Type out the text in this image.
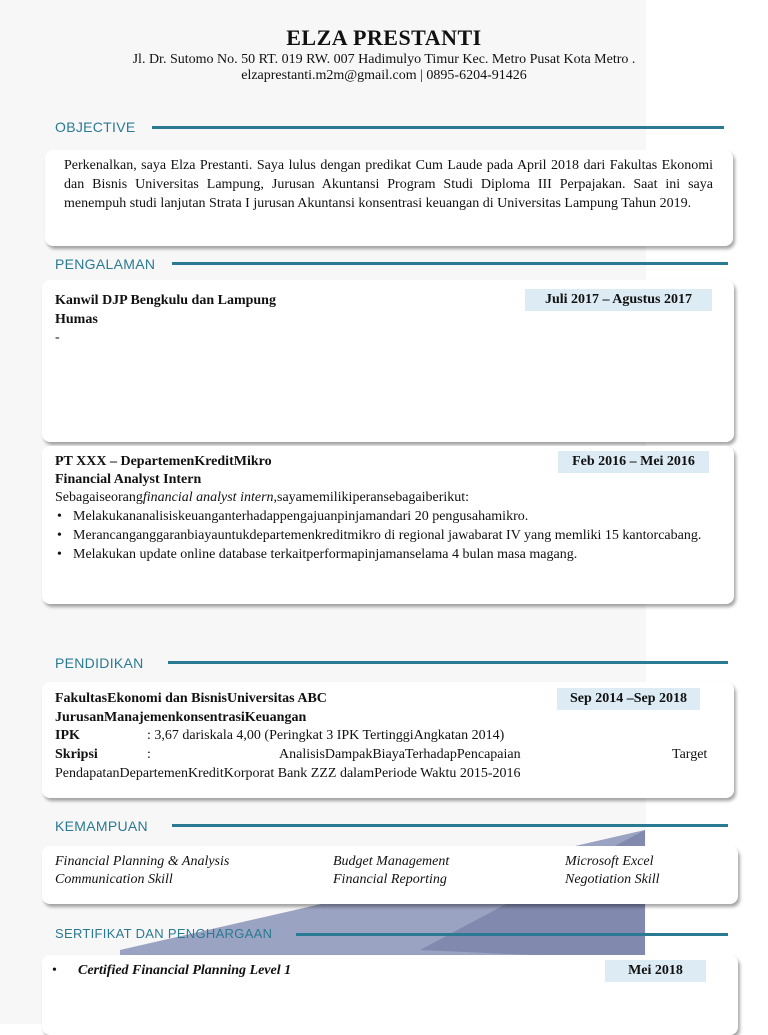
ELZA PRESTANTI
Jl. Dr. Sutomo No. 50 RT. 019 RW. 007 Hadimulyo Timur Kec. Metro Pusat Kota Metro .
elzaprestanti.m2m@gmail.com | 0895-6204-91426
OBJECTIVE
Perkenalkan, saya Elza Prestanti. Saya lulus dengan predikat Cum Laude pada April 2018 dari Fakultas Ekonomi dan Bisnis Universitas Lampung, Jurusan Akuntansi Program Studi Diploma III Perpajakan. Saat ini saya menempuh studi lanjutan Strata I jurusan Akuntansi konsentrasi keuangan di Universitas Lampung Tahun 2019.
PENGALAMAN
Kanwil DJP Bengkulu dan Lampung
Humas
-
Juli 2017 – Agustus 2017
PT XXX – DepartemenKreditMikro
Financial Analyst Intern
Sebagaiseorangfinancial analyst intern,sayamemilikiperansebagaiberikut:
• Melakukananalisiskeuanganterhadappengajuanpinjamandari 20 pengusahamikro.
• Merancanganggaranbiayauntukdepartemenkreditmikro di regional jawabarat IV yang memliki 15 kantorcabang.
• Melakukan update online database terkaitperformapinjamanselama 4 bulan masa magang.
Feb 2016 – Mei 2016
PENDIDIKAN
FakultasEkonomi dan BisnisUniversitas ABC
JurusanManajemenkonsentrasiKeuangan
IPK	: 3,67 dariskala 4,00 (Peringkat 3 IPK TertinggiAngkatan 2014)
Skripsi	:	AnalisisDampakBiayaTerhadapPencapaian	Target
PendapatanDepartemenKreditKorporat Bank ZZZ dalamPeriode Waktu 2015-2016
Sep 2014 –Sep 2018
KEMAMPUAN
Financial Planning & Analysis	Budget Management	Microsoft Excel
Communication Skill	Financial Reporting	Negotiation Skill
SERTIFIKAT DAN PENGHARGAAN
• Certified Financial Planning Level 1	Mei 2018
